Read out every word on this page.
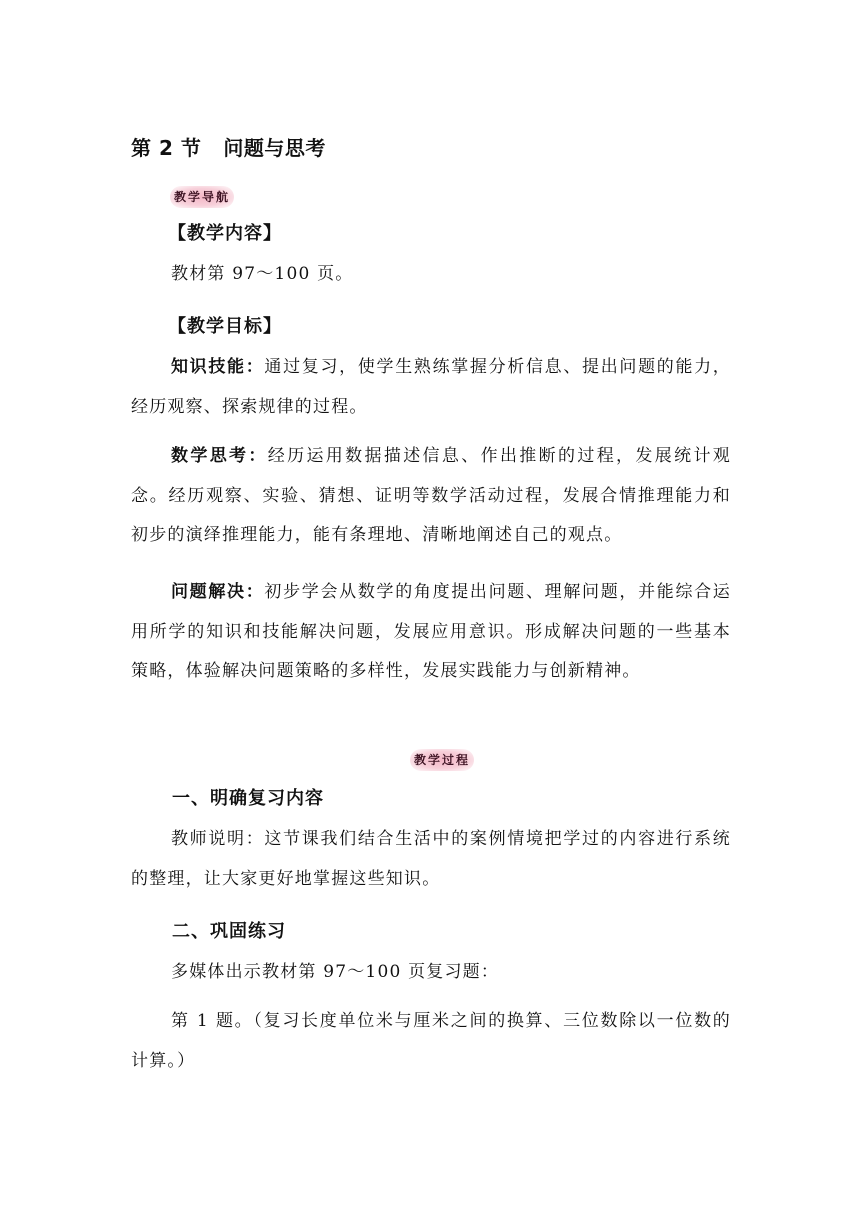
第 2 节 问题与思考
教学导航
【教学内容】
教材第 97～100 页。
【教学目标】
知识技能：通过复习，使学生熟练掌握分析信息、提出问题的能力，经历观察、探索规律的过程。
数学思考：经历运用数据描述信息、作出推断的过程，发展统计观念。经历观察、实验、猜想、证明等数学活动过程，发展合情推理能力和初步的演绎推理能力，能有条理地、清晰地阐述自己的观点。
问题解决：初步学会从数学的角度提出问题、理解问题，并能综合运用所学的知识和技能解决问题，发展应用意识。形成解决问题的一些基本策略，体验解决问题策略的多样性，发展实践能力与创新精神。
教学过程
一、明确复习内容
教师说明：这节课我们结合生活中的案例情境把学过的内容进行系统的整理，让大家更好地掌握这些知识。
二、巩固练习
多媒体出示教材第 97～100 页复习题：
第 1 题。（复习长度单位米与厘米之间的换算、三位数除以一位数的计算。）
